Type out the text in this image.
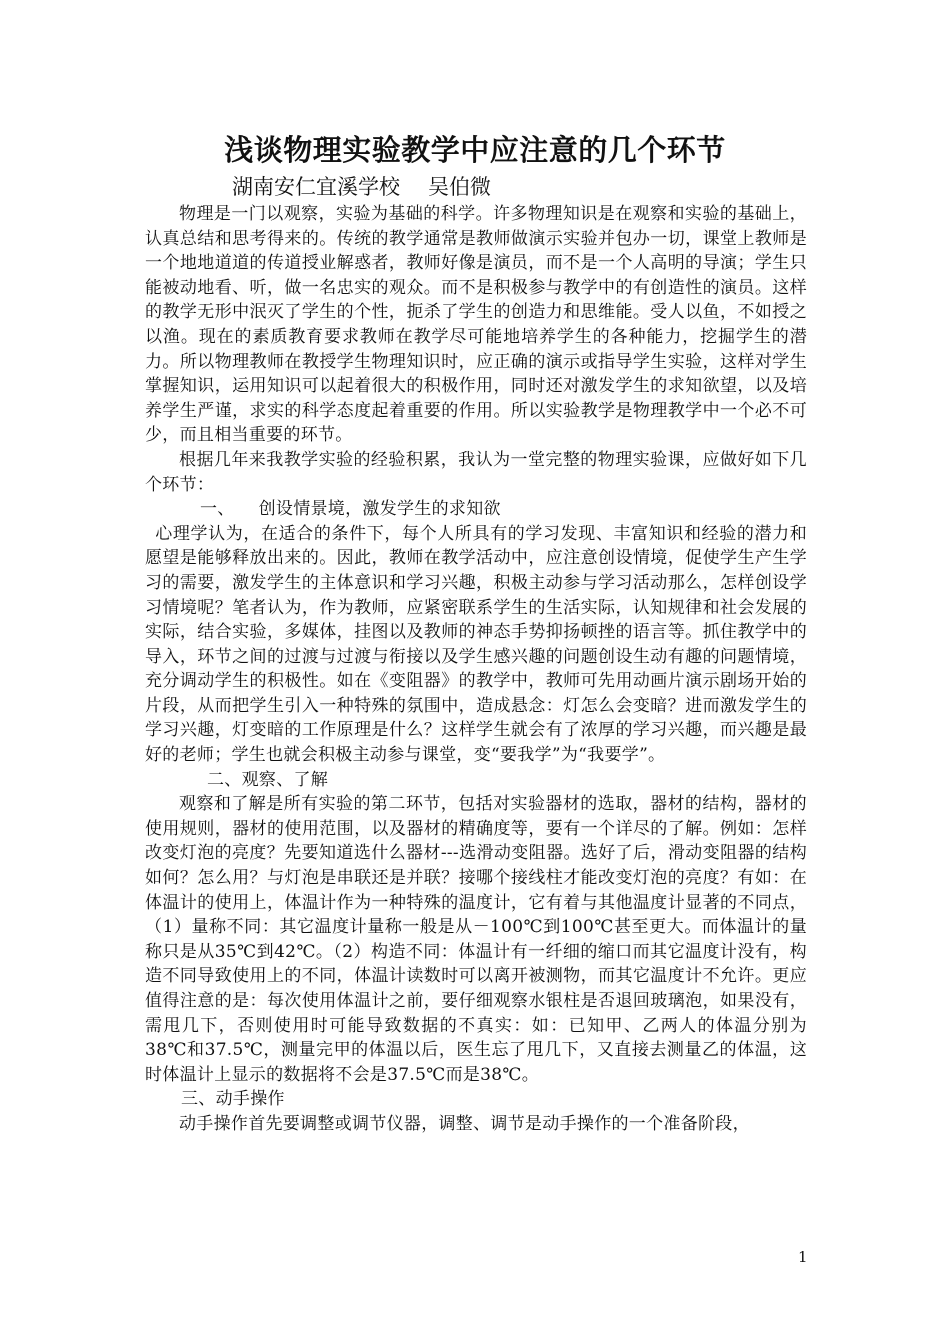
浅谈物理实验教学中应注意的几个环节

湖南安仁宜溪学校 吴伯微

物理是一门以观察，实验为基础的科学。许多物理知识是在观察和实验的基础上，认真总结和思考得来的。传统的教学通常是教师做演示实验并包办一切，课堂上教师是一个地地道道的传道授业解惑者，教师好像是演员，而不是一个人高明的导演；学生只能被动地看、听，做一名忠实的观众。而不是积极参与教学中的有创造性的演员。这样的教学无形中泯灭了学生的个性，扼杀了学生的创造力和思维能。受人以鱼，不如授之以渔。现在的素质教育要求教师在教学尽可能地培养学生的各种能力，挖掘学生的潜力。所以物理教师在教授学生物理知识时，应正确的演示或指导学生实验，这样对学生掌握知识，运用知识可以起着很大的积极作用，同时还对激发学生的求知欲望，以及培养学生严谨，求实的科学态度起着重要的作用。所以实验教学是物理教学中一个必不可少，而且相当重要的环节。

根据几年来我教学实验的经验积累，我认为一堂完整的物理实验课，应做好如下几个环节：

一、 创设情景境，激发学生的求知欲

心理学认为，在适合的条件下，每个人所具有的学习发现、丰富知识和经验的潜力和愿望是能够释放出来的。因此，教师在教学活动中，应注意创设情境，促使学生产生学习的需要，激发学生的主体意识和学习兴趣，积极主动参与学习活动那么，怎样创设学习情境呢？笔者认为，作为教师，应紧密联系学生的生活实际，认知规律和社会发展的实际，结合实验，多媒体，挂图以及教师的神态手势抑扬顿挫的语言等。抓住教学中的导入，环节之间的过渡与过渡与衔接以及学生感兴趣的问题创设生动有趣的问题情境，充分调动学生的积极性。如在《变阻器》的教学中，教师可先用动画片演示剧场开始的片段，从而把学生引入一种特殊的氛围中，造成悬念：灯怎么会变暗？进而激发学生的学习兴趣，灯变暗的工作原理是什么？这样学生就会有了浓厚的学习兴趣，而兴趣是最好的老师；学生也就会积极主动参与课堂，变“要我学”为“我要学”。

二、观察、了解

观察和了解是所有实验的第二环节，包括对实验器材的选取，器材的结构，器材的使用规则，器材的使用范围，以及器材的精确度等，要有一个详尽的了解。例如：怎样改变灯泡的亮度？先要知道选什么器材---选滑动变阻器。选好了后，滑动变阻器的结构如何？怎么用？与灯泡是串联还是并联？接哪个接线柱才能改变灯泡的亮度？有如：在体温计的使用上，体温计作为一种特殊的温度计，它有着与其他温度计显著的不同点，（1）量称不同：其它温度计量称一般是从－100℃到100℃甚至更大。而体温计的量称只是从35℃到42℃。（2）构造不同：体温计有一纤细的缩口而其它温度计没有，构造不同导致使用上的不同，体温计读数时可以离开被测物，而其它温度计不允许。更应值得注意的是：每次使用体温计之前，要仔细观察水银柱是否退回玻璃泡，如果没有，需甩几下，否则使用时可能导致数据的不真实：如：已知甲、乙两人的体温分别为38℃和37.5℃，测量完甲的体温以后，医生忘了甩几下，又直接去测量乙的体温，这时体温计上显示的数据将不会是37.5℃而是38℃。

三、动手操作

动手操作首先要调整或调节仪器，调整、调节是动手操作的一个准备阶段，

1
